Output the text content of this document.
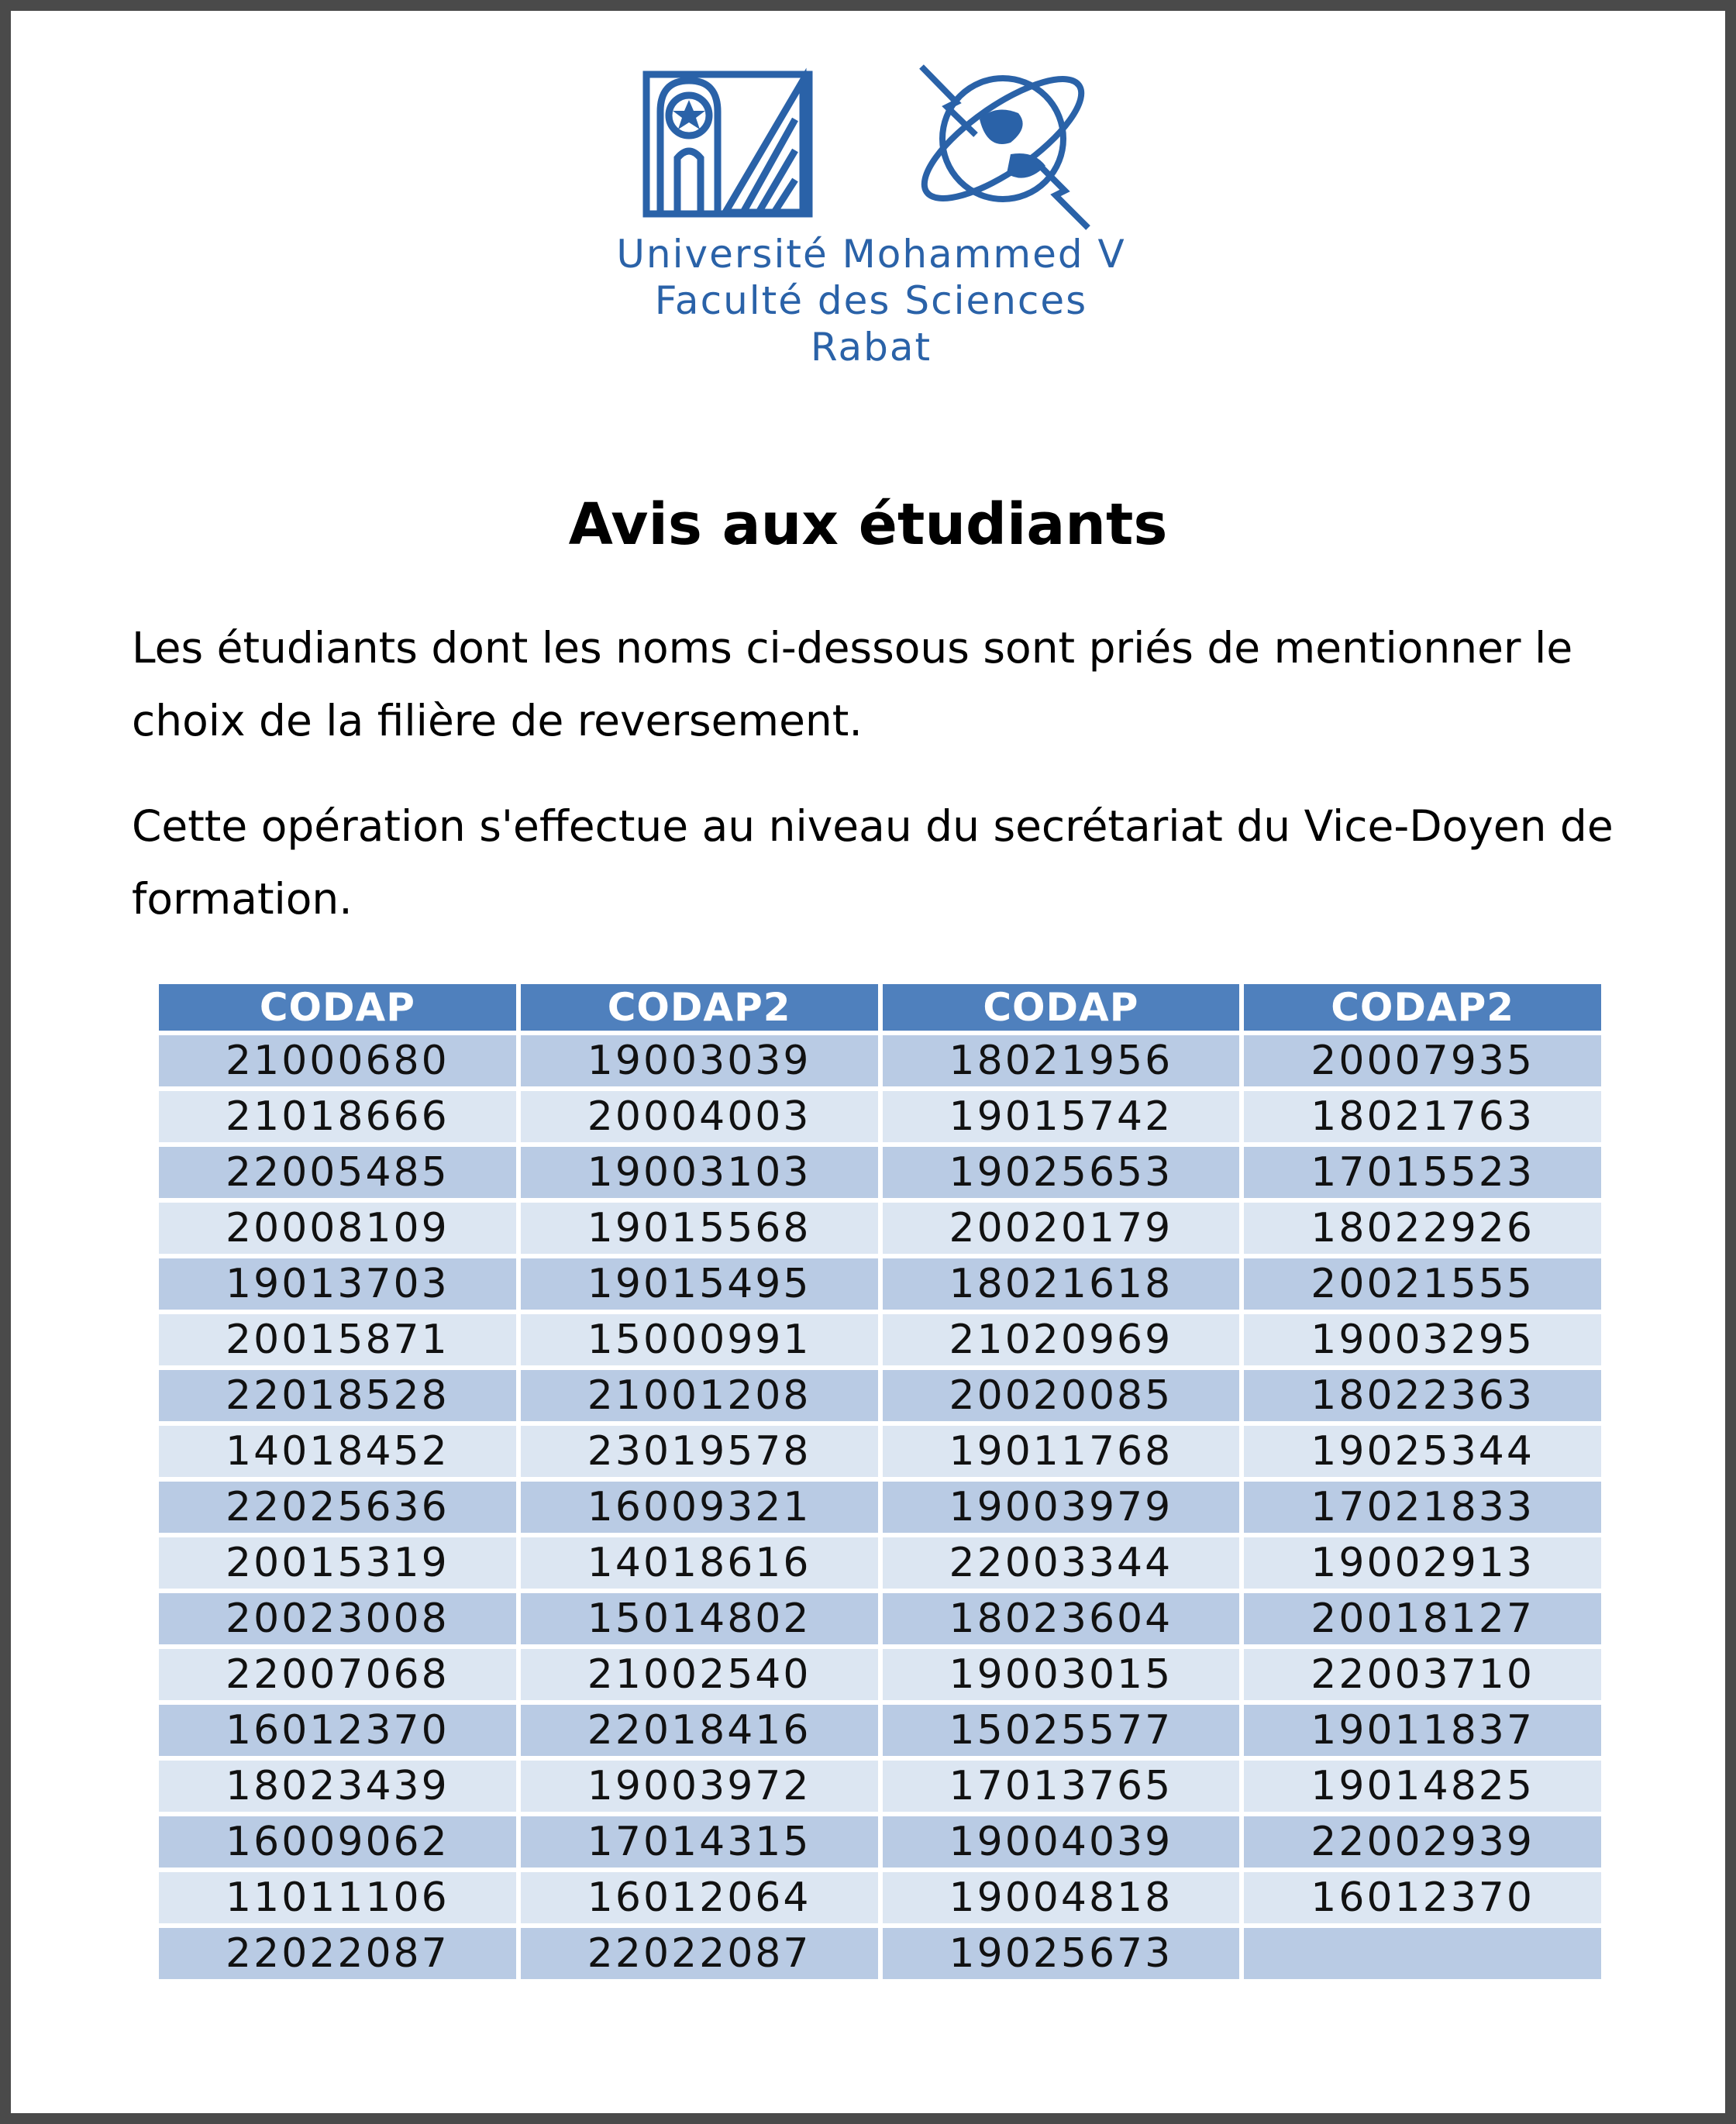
Université Mohammed V
Faculté des Sciences
Rabat
Avis aux étudiants
Les étudiants dont les noms ci-dessous sont priés de mentionner le
choix de la filière de reversement.
Cette opération s'effectue au niveau du secrétariat du Vice-Doyen de
formation.
CODAP	CODAP2	CODAP	CODAP2
21000680	19003039	18021956	20007935
21018666	20004003	19015742	18021763
22005485	19003103	19025653	17015523
20008109	19015568	20020179	18022926
19013703	19015495	18021618	20021555
20015871	15000991	21020969	19003295
22018528	21001208	20020085	18022363
14018452	23019578	19011768	19025344
22025636	16009321	19003979	17021833
20015319	14018616	22003344	19002913
20023008	15014802	18023604	20018127
22007068	21002540	19003015	22003710
16012370	22018416	15025577	19011837
18023439	19003972	17013765	19014825
16009062	17014315	19004039	22002939
11011106	16012064	19004818	16012370
22022087	22022087	19025673	
